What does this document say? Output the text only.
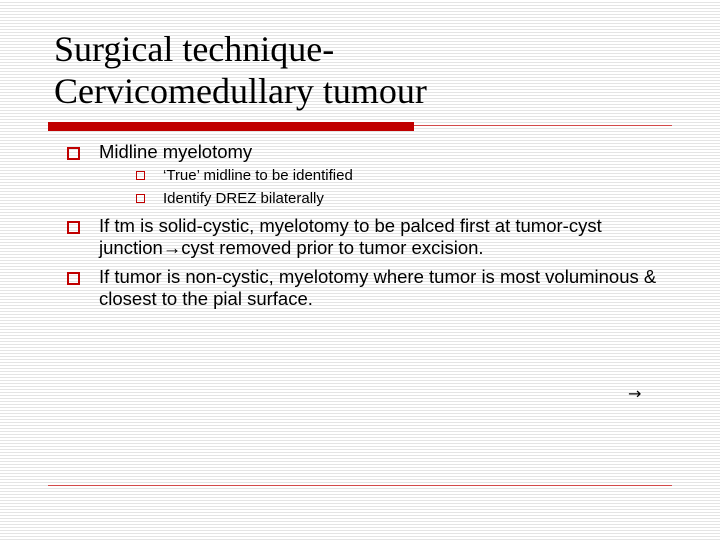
Surgical technique-
Cervicomedullary tumour
Midline myelotomy
‘True’ midline to be identified
Identify DREZ bilaterally
If tm is solid-cystic, myelotomy to be palced first at tumor-cyst junction→cyst removed prior to tumor excision.
If tumor is non-cystic, myelotomy where tumor is most voluminous & closest to the pial surface.
→
